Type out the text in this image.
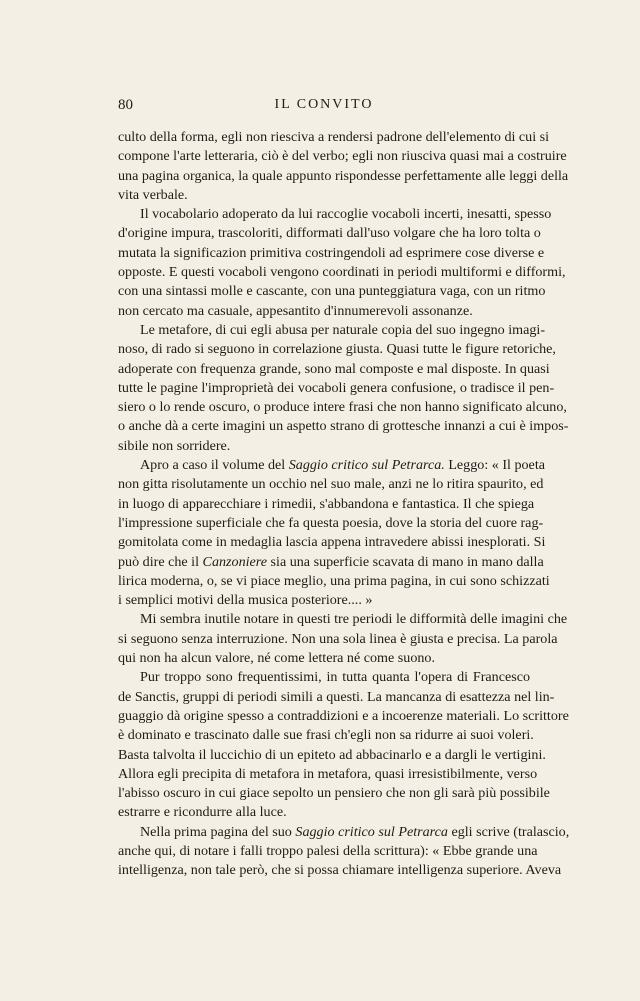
80	IL CONVITO
culto della forma, egli non riesciva a rendersi padrone dell'elemento di cui si
compone l'arte letteraria, ciò è del verbo; egli non riusciva quasi mai a costruire
una pagina organica, la quale appunto rispondesse perfettamente alle leggi della
vita verbale.
Il vocabolario adoperato da lui raccoglie vocaboli incerti, inesatti, spesso
d'origine impura, trascoloriti, difformati dall'uso volgare che ha loro tolta o
mutata la significazion primitiva costringendoli ad esprimere cose diverse e
opposte. E questi vocaboli vengono coordinati in periodi multiformi e difformi,
con una sintassi molle e cascante, con una punteggiatura vaga, con un ritmo
non cercato ma casuale, appesantito d'innumerevoli assonanze.
Le metafore, di cui egli abusa per naturale copia del suo ingegno imagi-
noso, di rado si seguono in correlazione giusta. Quasi tutte le figure retoriche,
adoperate con frequenza grande, sono mal composte e mal disposte. In quasi
tutte le pagine l'improprietà dei vocaboli genera confusione, o tradisce il pen-
siero o lo rende oscuro, o produce intere frasi che non hanno significato alcuno,
o anche dà a certe imagini un aspetto strano di grottesche innanzi a cui è impos-
sibile non sorridere.
Apro a caso il volume del Saggio critico sul Petrarca. Leggo: « Il poeta
non gitta risolutamente un occhio nel suo male, anzi ne lo ritira spaurito, ed
in luogo di apparecchiare i rimedii, s'abbandona e fantastica. Il che spiega
l'impressione superficiale che fa questa poesia, dove la storia del cuore rag-
gomitolata come in medaglia lascia appena intravedere abissi inesplorati. Si
può dire che il Canzoniere sia una superficie scavata di mano in mano dalla
lirica moderna, o, se vi piace meglio, una prima pagina, in cui sono schizzati
i semplici motivi della musica posteriore.... »
Mi sembra inutile notare in questi tre periodi le difformità delle imagini che
si seguono senza interruzione. Non una sola linea è giusta e precisa. La parola
qui non ha alcun valore, né come lettera né come suono.
Pur troppo sono frequentissimi, in tutta quanta l'opera di Francesco
de Sanctis, gruppi di periodi simili a questi. La mancanza di esattezza nel lin-
guaggio dà origine spesso a contraddizioni e a incoerenze materiali. Lo scrittore
è dominato e trascinato dalle sue frasi ch'egli non sa ridurre ai suoi voleri.
Basta talvolta il luccichio di un epiteto ad abbacinarlo e a dargli le vertigini.
Allora egli precipita di metafora in metafora, quasi irresistibilmente, verso
l'abisso oscuro in cui giace sepolto un pensiero che non gli sarà più possibile
estrarre e ricondurre alla luce.
Nella prima pagina del suo Saggio critico sul Petrarca egli scrive (tralascio,
anche qui, di notare i falli troppo palesi della scrittura): « Ebbe grande una
intelligenza, non tale però, che si possa chiamare intelligenza superiore. Aveva
